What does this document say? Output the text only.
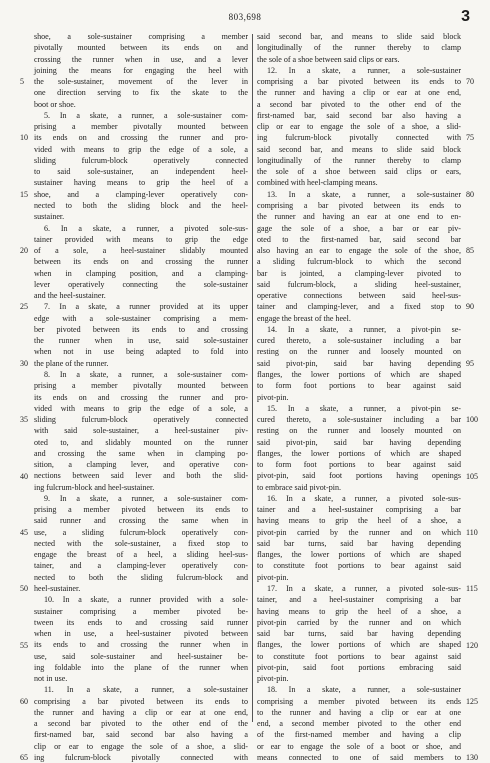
803,698	3
shoe, a sole-sustainer comprising a member
pivotally mounted between its ends on and
crossing the runner when in use, and a lever
joining the means for engaging the heel with
the sole-sustainer, movement of the lever in
one direction serving to fix the skate to the
boot or shoe.
5. In a skate, a runner, a sole-sustainer com-
prising a member pivotally mounted between
its ends on and crossing the runner and pro-
vided with means to grip the edge of a sole, a
sliding fulcrum-block operatively connected
to said sole-sustainer, an independent heel-
sustainer having means to grip the heel of a
shoe, and a clamping-lever operatively con-
nected to both the sliding block and the heel-
sustainer.
6. In a skate, a runner, a pivoted sole-sus-
tainer provided with means to grip the edge
of a sole, a heel-sustainer slidably mounted
between its ends on and crossing the runner
when in clamping position, and a clamping-
lever operatively connecting the sole-sustainer
and the heel-sustainer.
7. In a skate, a runner provided at its upper
edge with a sole-sustainer comprising a mem-
ber pivoted between its ends to and crossing
the runner when in use, said sole-sustainer
when not in use being adapted to fold into
the plane of the runner.
8. In a skate, a runner, a sole-sustainer com-
prising a member pivotally mounted between
its ends on and crossing the runner and pro-
vided with means to grip the edge of a sole, a
sliding fulcrum-block operatively connected
with said sole-sustainer, a heel-sustainer piv-
oted to, and slidably mounted on the runner
and crossing the same when in clamping po-
sition, a clamping lever, and operative con-
nections between said lever and both the slid-
ing fulcrum-block and heel-sustainer.
9. In a skate, a runner, a sole-sustainer com-
prising a member pivoted between its ends to
said runner and crossing the same when in
use, a sliding fulcrum-block operatively con-
nected with the sole-sustainer, a fixed stop to
engage the breast of a heel, a sliding heel-sus-
tainer, and a clamping-lever operatively con-
nected to both the sliding fulcrum-block and
heel-sustainer.
10. In a skate, a runner provided with a sole-
sustainer comprising a member pivoted be-
tween its ends to and crossing said runner
when in use, a heel-sustainer pivoted between
its ends to and crossing the runner when in
use, said sole-sustainer and heel-sustainer be-
ing foldable into the plane of the runner when
not in use.
11. In a skate, a runner, a sole-sustainer
comprising a bar pivoted between its ends to
the runner and having a clip or ear at one end,
a second bar pivoted to the other end of the
first-named bar, said second bar also having a
clip or ear to engage the sole of a shoe, a slid-
ing fulcrum-block pivotally connected with
said second bar, and means to slide said block
longitudinally of the runner thereby to clamp
the sole of a shoe between said clips or ears.
12. In a skate, a runner, a sole-sustainer
comprising a bar pivoted between its ends to
the runner and having a clip or ear at one end,
a second bar pivoted to the other end of the
first-named bar, said second bar also having a
clip or ear to engage the sole of a shoe, a slid-
ing fulcrum-block pivotally connected with
said second bar, and means to slide said block
longitudinally of the runner thereby to clamp
the sole of a shoe between said clips or ears,
combined with heel-clamping means.
13. In a skate, a runner, a sole-sustainer
comprising a bar pivoted between its ends to
the runner and having an ear at one end to en-
gage the sole of a shoe, a bar or ear piv-
oted to the first-named bar, said second bar
also having an ear to engage the sole of the shoe,
a sliding fulcrum-block to which the second
bar is jointed, a clamping-lever pivoted to
said fulcrum-block, a sliding heel-sustainer,
operative connections between said heel-sus-
tainer and clamping-lever, and a fixed stop to
engage the breast of the heel.
14. In a skate, a runner, a pivot-pin se-
cured thereto, a sole-sustainer including a bar
resting on the runner and loosely mounted on
said pivot-pin, said bar having depending
flanges, the lower portions of which are shaped
to form foot portions to bear against said
pivot-pin.
15. In a skate, a runner, a pivot-pin se-
cured thereto, a sole-sustainer including a bar
resting on the runner and loosely mounted on
said pivot-pin, said bar having depending
flanges, the lower portions of which are shaped
to form foot portions to bear against said
pivot-pin, said foot portions having openings
to embrace said pivot-pin.
16. In a skate, a runner, a pivoted sole-sus-
tainer and a heel-sustainer comprising a bar
having means to grip the heel of a shoe, a
pivot-pin carried by the runner and on which
said bar turns, said bar having depending
flanges, the lower portions of which are shaped
to constitute foot portions to bear against said
pivot-pin.
17. In a skate, a runner, a pivoted sole-sus-
tainer, and a heel-sustainer comprising a bar
having means to grip the heel of a shoe, a
pivot-pin carried by the runner and on which
said bar turns, said bar having depending
flanges, the lower portions of which are shaped
to constitute foot portions to bear against said
pivot-pin, said foot portions embracing said
pivot-pin.
18. In a skate, a runner, a sole-sustainer
comprising a member pivoted between its ends
to the runner and having a clip or ear at one
end, a second member pivoted to the other end
of the first-named member and having a clip
or ear to engage the sole of a boot or shoe, and
means connected to one of said members to
5
10
15
20
25
30
35
40
45
50
55
60
65
70
75
80
85
90
95
100
105
110
115
120
125
130
